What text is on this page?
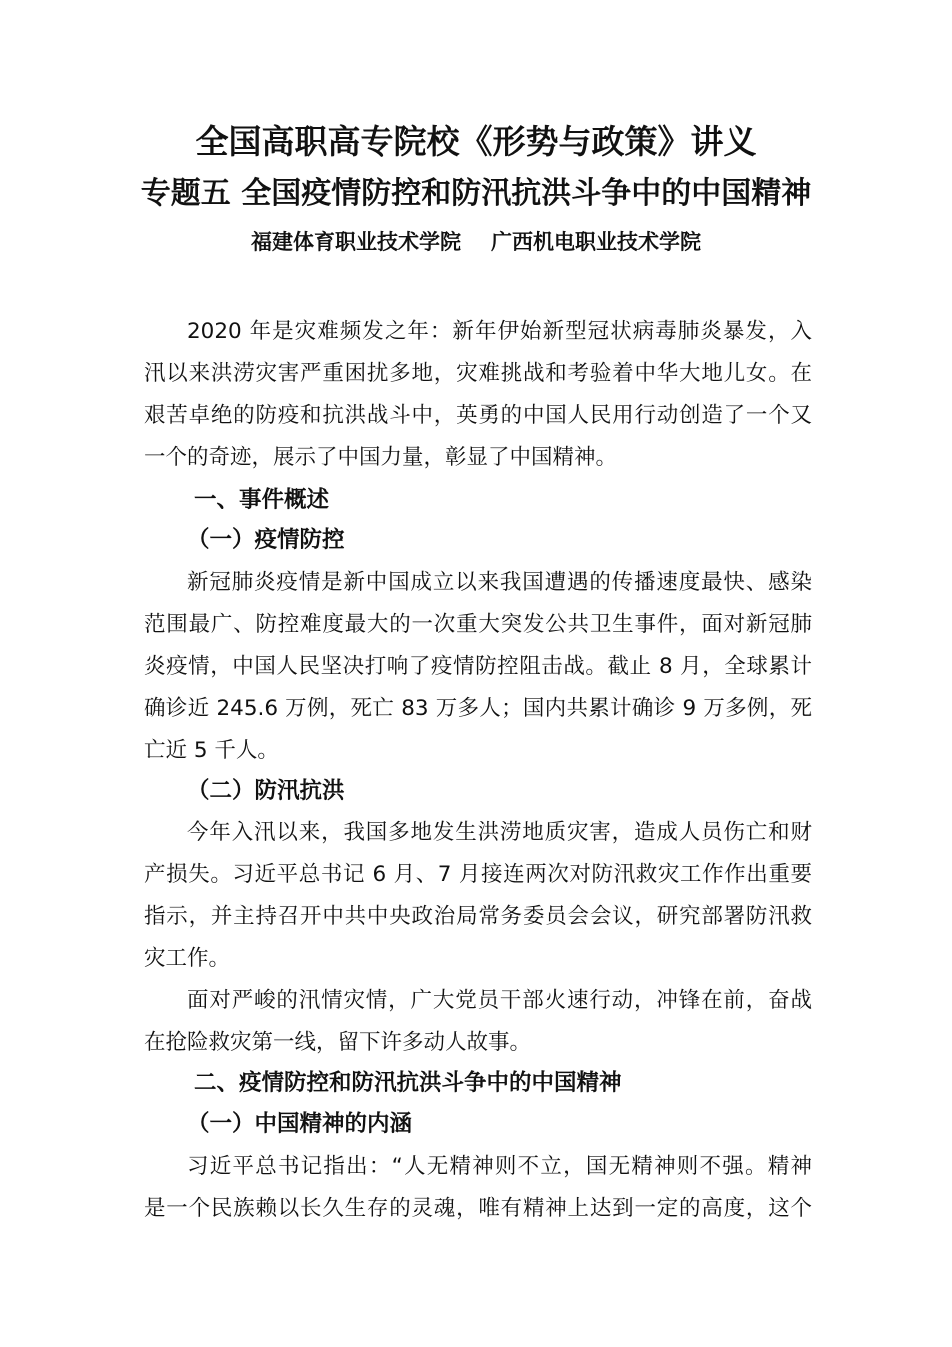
全国高职高专院校《形势与政策》讲义
专题五 全国疫情防控和防汛抗洪斗争中的中国精神
福建体育职业技术学院 广西机电职业技术学院

2020 年是灾难频发之年：新年伊始新型冠状病毒肺炎暴发，入

汛以来洪涝灾害严重困扰多地，灾难挑战和考验着中华大地儿女。在

艰苦卓绝的防疫和抗洪战斗中，英勇的中国人民用行动创造了一个又

一个的奇迹，展示了中国力量，彰显了中国精神。

一、事件概述
（一）疫情防控

新冠肺炎疫情是新中国成立以来我国遭遇的传播速度最快、感染

范围最广、防控难度最大的一次重大突发公共卫生事件，面对新冠肺

炎疫情，中国人民坚决打响了疫情防控阻击战。截止 8 月，全球累计

确诊近 245.6 万例，死亡 83 万多人；国内共累计确诊 9 万多例，死

亡近 5 千人。

（二）防汛抗洪

今年入汛以来，我国多地发生洪涝地质灾害，造成人员伤亡和财

产损失。习近平总书记 6 月、7 月接连两次对防汛救灾工作作出重要

指示，并主持召开中共中央政治局常务委员会会议，研究部署防汛救

灾工作。

面对严峻的汛情灾情，广大党员干部火速行动，冲锋在前，奋战

在抢险救灾第一线，留下许多动人故事。

二、疫情防控和防汛抗洪斗争中的中国精神
（一）中国精神的内涵

习近平总书记指出：“人无精神则不立，国无精神则不强。精神

是一个民族赖以长久生存的灵魂，唯有精神上达到一定的高度，这个
